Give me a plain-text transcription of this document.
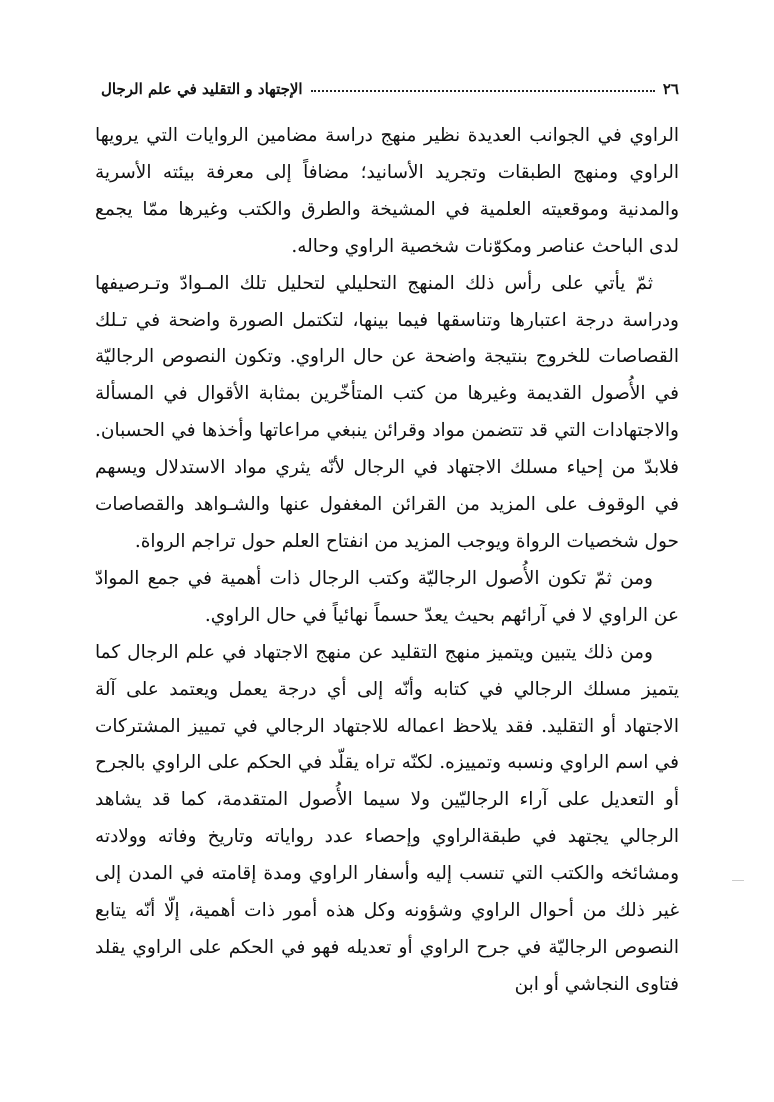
٢٦
الإجتهاد و التقليد في علم الرجال

الراوي في الجوانب العديدة نظير منهج دراسة مضامين الروايات التي يرويها الراوي ومنهج الطبقات وتجريد الأسانيد؛ مضافاً إلى معرفة بيئته الأسرية والمدنية وموقعيته العلمية في المشيخة والطرق والكتب وغيرها ممّا يجمع لدى الباحث عناصر ومكوّنات شخصية الراوي وحاله.

ثمّ يأتي على رأس ذلك المنهج التحليلي لتحليل تلك المـوادّ وتـرصيفها ودراسة درجة اعتبارها وتناسقها فيما بينها، لتكتمل الصورة واضحة في تـلك القصاصات للخروج بنتيجة واضحة عن حال الراوي. وتكون النصوص الرجاليّة في الأُصول القديمة وغيرها من كتب المتأخّرين بمثابة الأقوال في المسألة والاجتهادات التي قد تتضمن مواد وقرائن ينبغي مراعاتها وأخذها في الحسبان. فلابدّ من إحياء مسلك الاجتهاد في الرجال لأنّه يثري مواد الاستدلال ويسهم في الوقوف على المزيد من القرائن المغفول عنها والشـواهد والقصاصات حول شخصيات الرواة ويوجب المزيد من انفتاح العلم حول تراجم الرواة.

ومن ثمّ تكون الأُصول الرجاليّة وكتب الرجال ذات أهمية في جمع الموادّ عن الراوي لا في آرائهم بحيث يعدّ حسماً نهائياً في حال الراوي.

ومن ذلك يتبين ويتميز منهج التقليد عن منهج الاجتهاد في علم الرجال كما يتميز مسلك الرجالي في كتابه وأنّه إلى أي درجة يعمل ويعتمد على آلة الاجتهاد أو التقليد. فقد يلاحظ اعماله للاجتهاد الرجالي في تمييز المشتركات في اسم الراوي ونسبه وتمييزه. لكنّه تراه يقلّد في الحكم على الراوي بالجرح أو التعديل على آراء الرجاليّين ولا سيما الأُصول المتقدمة، كما قد يشاهد الرجالي يجتهد في طبقةالراوي وإحصاء عدد رواياته وتاريخ وفاته وولادته ومشائخه والكتب التي تنسب إليه وأسفار الراوي ومدة إقامته في المدن إلى غير ذلك من أحوال الراوي وشؤونه وكل هذه أمور ذات أهمية، إلّا أنّه يتابع النصوص الرجاليّة في جرح الراوي أو تعديله فهو في الحكم على الراوي يقلد فتاوى النجاشي أو ابن
